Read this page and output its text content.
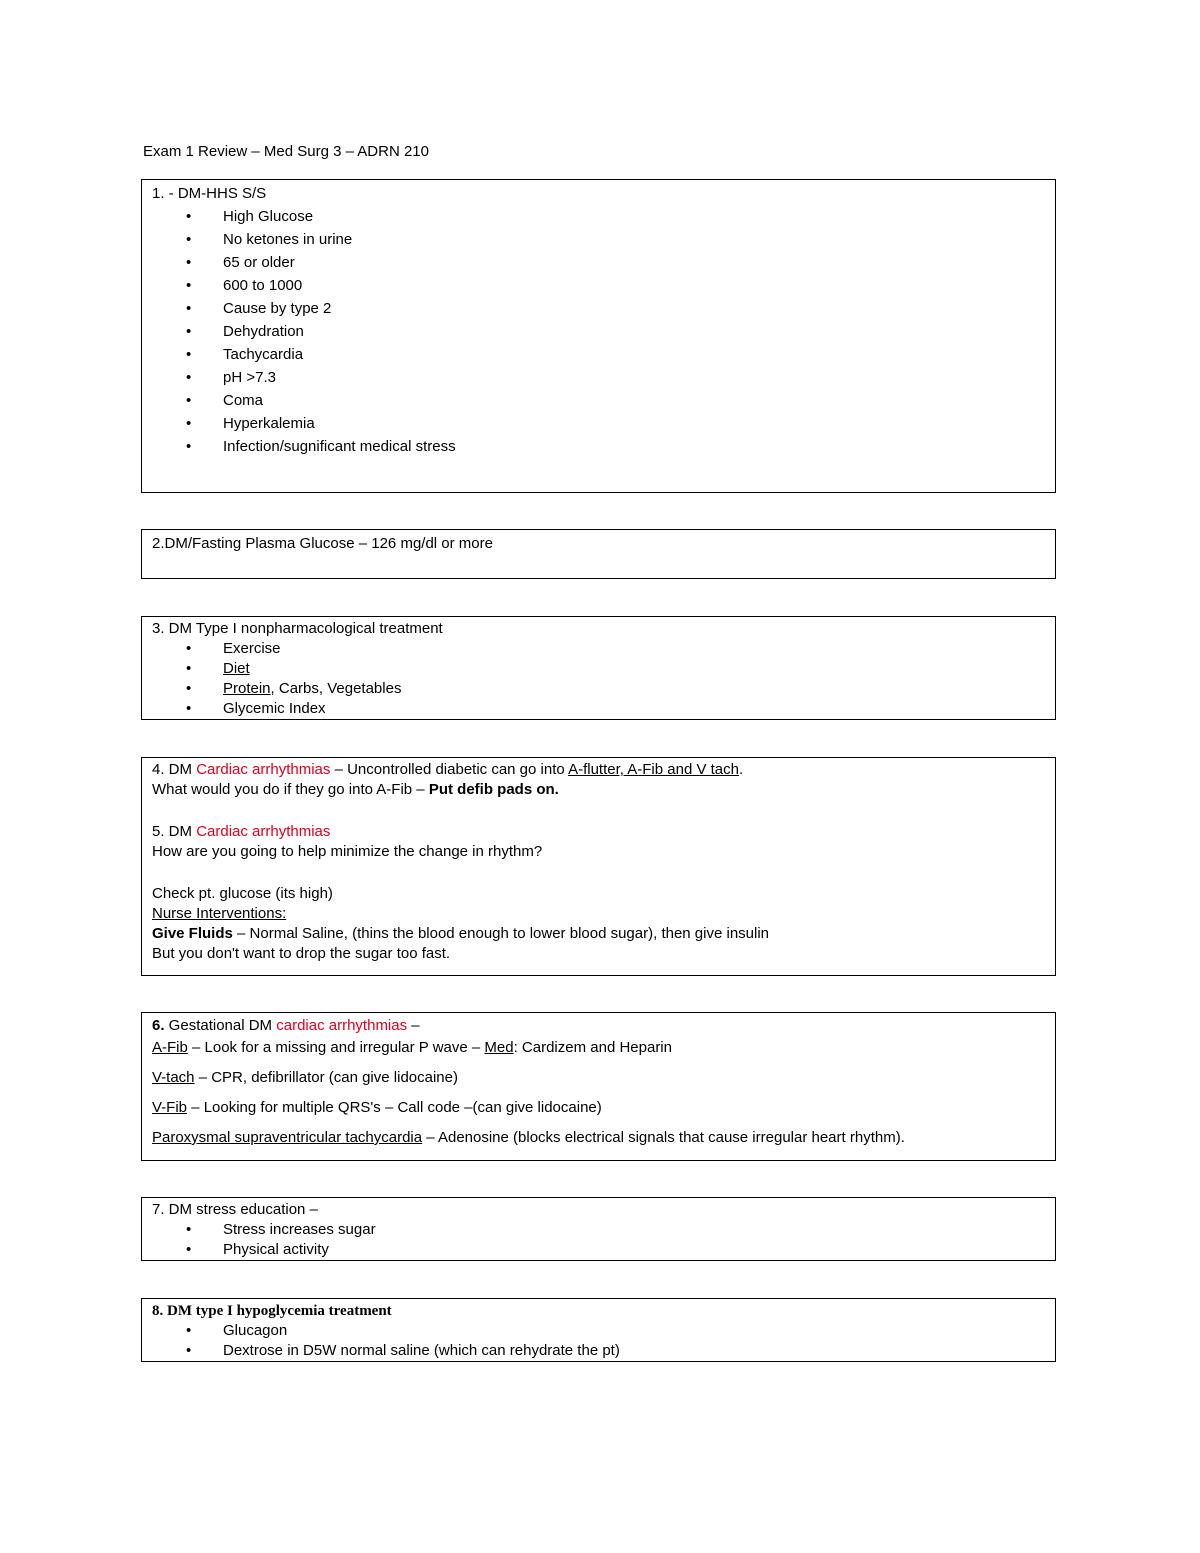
Exam 1 Review – Med Surg 3 – ADRN 210
1. - DM-HHS S/S
• High Glucose
• No ketones in urine
• 65 or older
• 600 to 1000
• Cause by type 2
• Dehydration
• Tachycardia
• pH >7.3
• Coma
• Hyperkalemia
• Infection/sugnificant medical stress
2.DM/Fasting Plasma Glucose – 126 mg/dl or more
3. DM Type I nonpharmacological treatment
• Exercise
• Diet
• Protein, Carbs, Vegetables
• Glycemic Index
4. DM Cardiac arrhythmias – Uncontrolled diabetic can go into A-flutter, A-Fib and V tach.
What would you do if they go into A-Fib – Put defib pads on.
5. DM Cardiac arrhythmias
How are you going to help minimize the change in rhythm?
Check pt. glucose (its high)
Nurse Interventions:
Give Fluids – Normal Saline, (thins the blood enough to lower blood sugar), then give insulin
But you don't want to drop the sugar too fast.
6. Gestational DM cardiac arrhythmias –
A-Fib – Look for a missing and irregular P wave – Med: Cardizem and Heparin
V-tach – CPR, defibrillator (can give lidocaine)
V-Fib – Looking for multiple QRS's – Call code –(can give lidocaine)
Paroxysmal supraventricular tachycardia – Adenosine (blocks electrical signals that cause irregular heart rhythm).
7. DM stress education –
• Stress increases sugar
• Physical activity
8. DM type I hypoglycemia treatment
• Glucagon
• Dextrose in D5W normal saline (which can rehydrate the pt)
